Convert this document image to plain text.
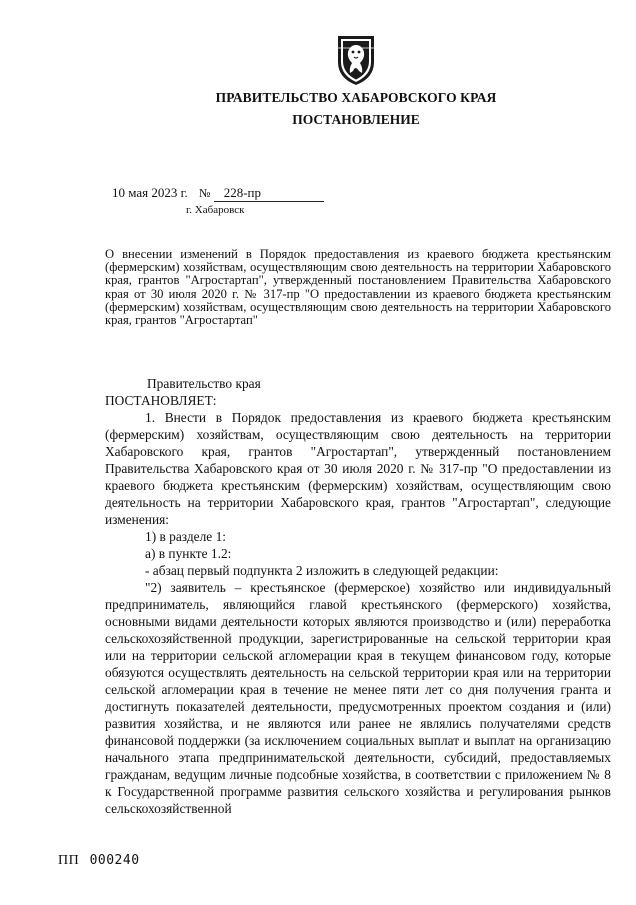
ПРАВИТЕЛЬСТВО ХАБАРОВСКОГО КРАЯ
ПОСТАНОВЛЕНИЕ
10 мая 2023 г. № 228-пр
г. Хабаровск
О внесении изменений в Порядок предоставления из краевого бюджета крестьянским (фермерским) хозяйствам, осуществляющим свою деятельность на территории Хабаровского края, грантов "Агростартап", утвержденный постановлением Правительства Хабаровского края от 30 июля 2020 г. № 317-пр "О предоставлении из краевого бюджета крестьянским (фермерским) хозяйствам, осуществляющим свою деятельность на территории Хабаровского края, грантов "Агростартап"

Правительство края

ПОСТАНОВЛЯЕТ:

1. Внести в Порядок предоставления из краевого бюджета крестьянским (фермерским) хозяйствам, осуществляющим свою деятельность на территории Хабаровского края, грантов "Агростартап", утвержденный постановлением Правительства Хабаровского края от 30 июля 2020 г. № 317-пр "О предоставлении из краевого бюджета крестьянским (фермерским) хозяйствам, осуществляющим свою деятельность на территории Хабаровского края, грантов "Агростартап", следующие изменения:

1) в разделе 1:

а) в пункте 1.2:

- абзац первый подпункта 2 изложить в следующей редакции:

"2) заявитель – крестьянское (фермерское) хозяйство или индивидуальный предприниматель, являющийся главой крестьянского (фермерского) хозяйства, основными видами деятельности которых являются производство и (или) переработка сельскохозяйственной продукции, зарегистрированные на сельской территории края или на территории сельской агломерации края в текущем финансовом году, которые обязуются осуществлять деятельность на сельской территории края или на территории сельской агломерации края в течение не менее пяти лет со дня получения гранта и достигнуть показателей деятельности, предусмотренных проектом создания и (или) развития хозяйства, и не являются или ранее не являлись получателями средств финансовой поддержки (за исключением социальных выплат и выплат на организацию начального этапа предпринимательской деятельности, субсидий, предоставляемых гражданам, ведущим личные подсобные хозяйства, в соответствии с приложением № 8 к Государственной программе развития сельского хозяйства и регулирования рынков сельскохозяйственной

ПП 000240
